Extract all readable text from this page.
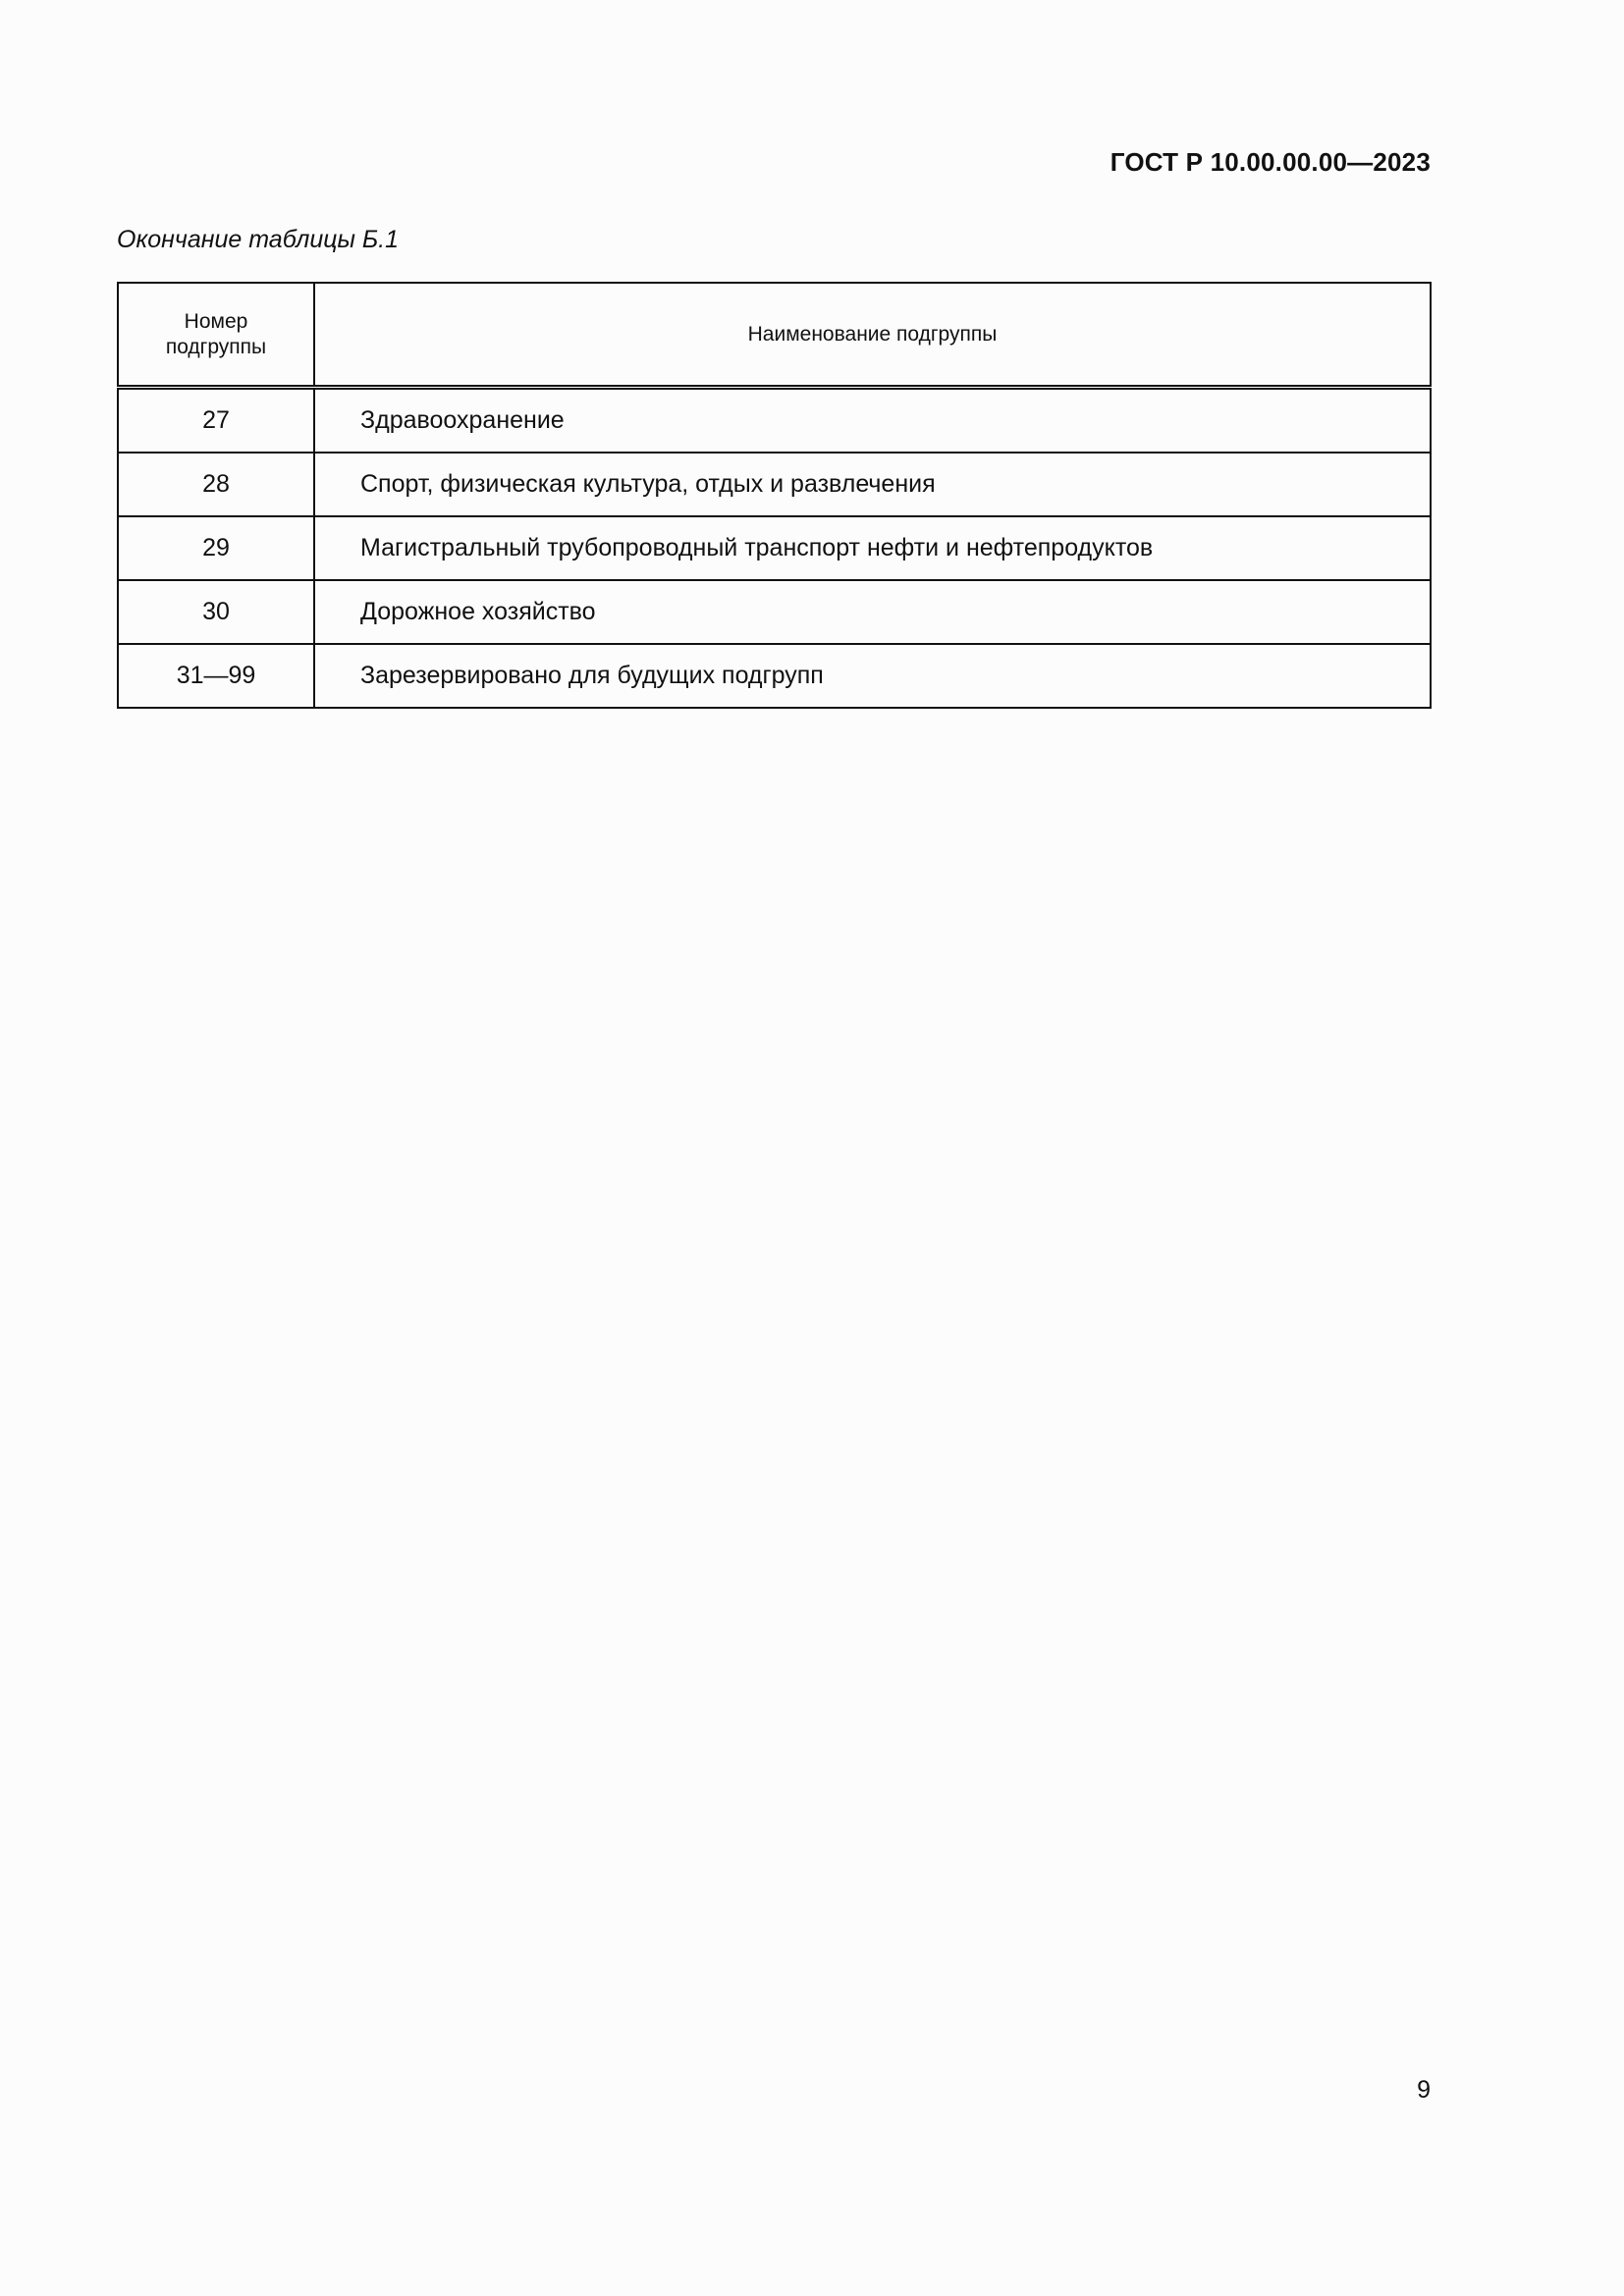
ГОСТ Р 10.00.00.00—2023
Окончание таблицы Б.1
Номер
подгруппы	Наименование подгруппы
27	Здравоохранение
28	Спорт, физическая культура, отдых и развлечения
29	Магистральный трубопроводный транспорт нефти и нефтепродуктов
30	Дорожное хозяйство
31—99	Зарезервировано для будущих подгрупп
9
